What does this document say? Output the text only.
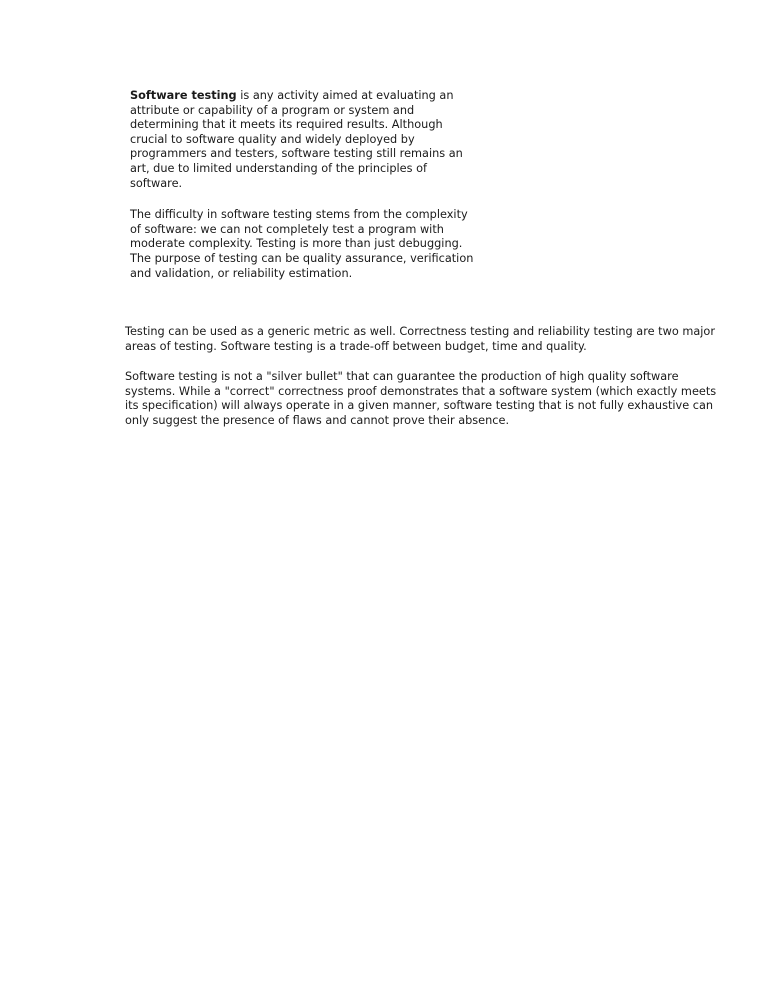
Software testing is any activity aimed at evaluating an attribute or capability of a program or system and determining that it meets its required results. Although crucial to software quality and widely deployed by programmers and testers, software testing still remains an art, due to limited understanding of the principles of software.

The difficulty in software testing stems from the complexity of software: we can not completely test a program with moderate complexity. Testing is more than just debugging. The purpose of testing can be quality assurance, verification and validation, or reliability estimation.

Testing can be used as a generic metric as well. Correctness testing and reliability testing are two major areas of testing. Software testing is a trade-off between budget, time and quality.

Software testing is not a "silver bullet" that can guarantee the production of high quality software systems. While a "correct" correctness proof demonstrates that a software system (which exactly meets its specification) will always operate in a given manner, software testing that is not fully exhaustive can only suggest the presence of flaws and cannot prove their absence.
